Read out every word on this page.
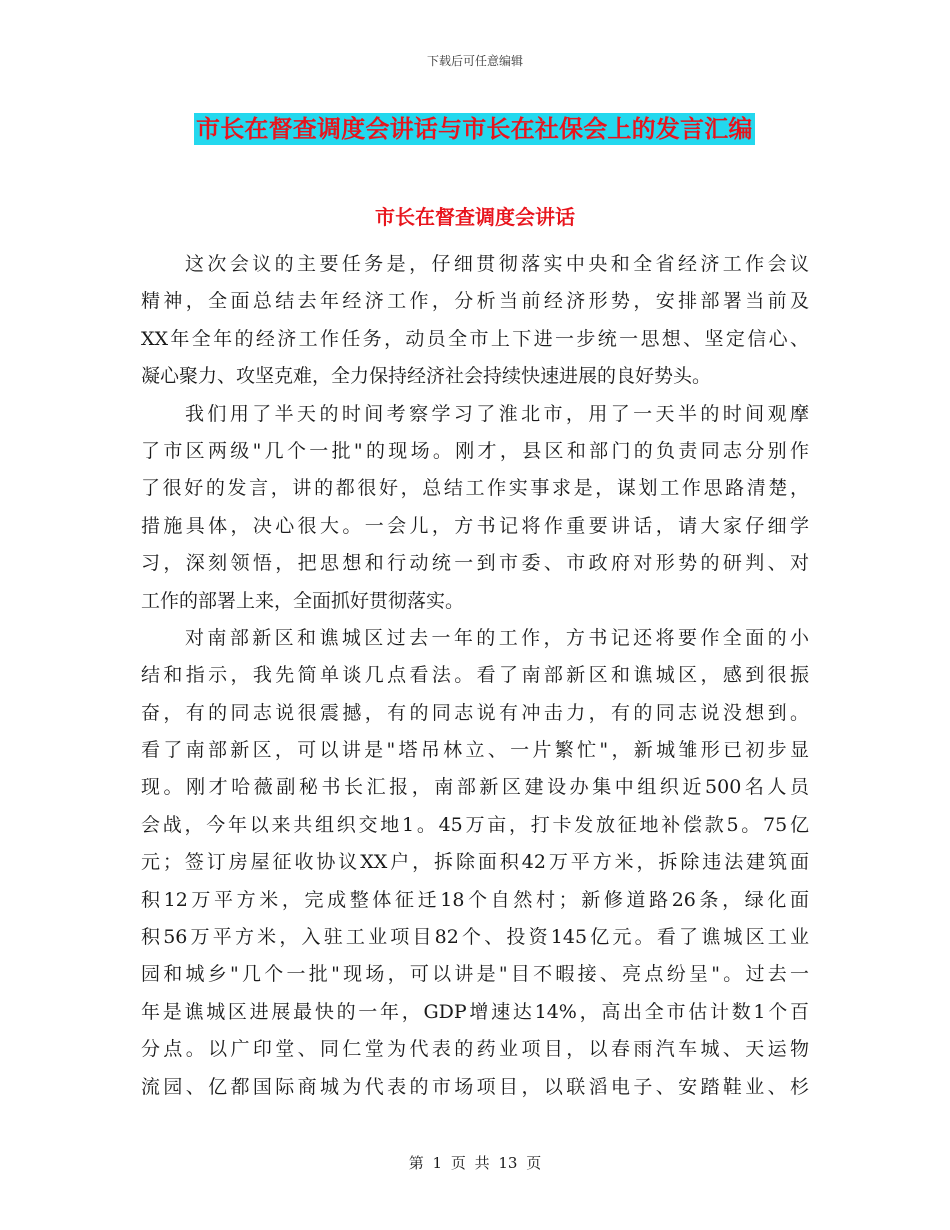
下载后可任意编辑
市长在督查调度会讲话与市长在社保会上的发言汇编
市长在督查调度会讲话
这次会议的主要任务是，仔细贯彻落实中央和全省经济工作会议
精神，全面总结去年经济工作，分析当前经济形势，安排部署当前及
XX年全年的经济工作任务，动员全市上下进一步统一思想、坚定信心、
凝心聚力、攻坚克难，全力保持经济社会持续快速进展的良好势头。
我们用了半天的时间考察学习了淮北市，用了一天半的时间观摩
了市区两级"几个一批"的现场。刚才，县区和部门的负责同志分别作
了很好的发言，讲的都很好，总结工作实事求是，谋划工作思路清楚，
措施具体，决心很大。一会儿，方书记将作重要讲话，请大家仔细学
习，深刻领悟，把思想和行动统一到市委、市政府对形势的研判、对
工作的部署上来，全面抓好贯彻落实。
对南部新区和谯城区过去一年的工作，方书记还将要作全面的小
结和指示，我先简单谈几点看法。看了南部新区和谯城区，感到很振
奋，有的同志说很震撼，有的同志说有冲击力，有的同志说没想到。
看了南部新区，可以讲是"塔吊林立、一片繁忙"，新城雏形已初步显
现。刚才哈薇副秘书长汇报，南部新区建设办集中组织近500名人员
会战，今年以来共组织交地1。45万亩，打卡发放征地补偿款5。75亿
元；签订房屋征收协议XX户，拆除面积42万平方米，拆除违法建筑面
积12万平方米，完成整体征迁18个自然村；新修道路26条，绿化面
积56万平方米，入驻工业项目82个、投资145亿元。看了谯城区工业
园和城乡"几个一批"现场，可以讲是"目不暇接、亮点纷呈"。过去一
年是谯城区进展最快的一年，GDP增速达14%，高出全市估计数1个百
分点。以广印堂、同仁堂为代表的药业项目，以春雨汽车城、天运物
流园、亿都国际商城为代表的市场项目，以联滔电子、安踏鞋业、杉
第 1 页 共 13 页
